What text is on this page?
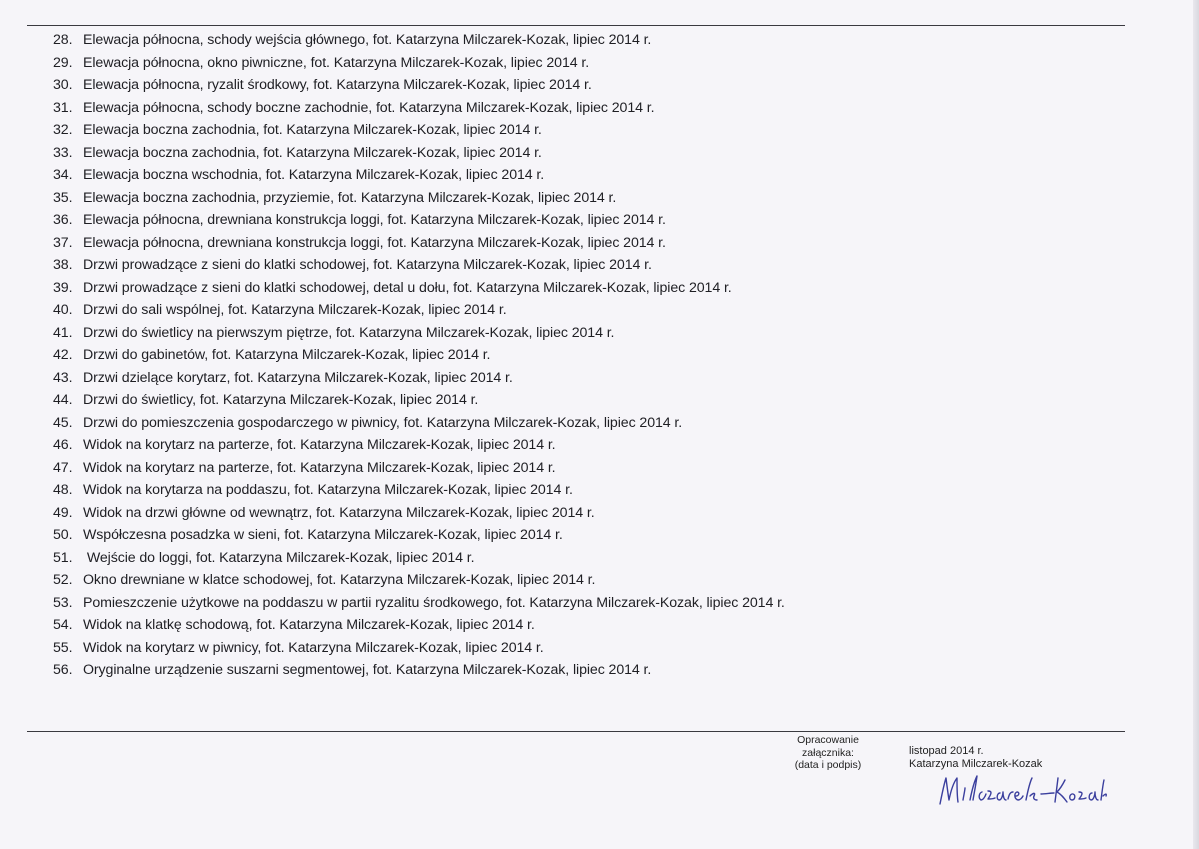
28. Elewacja północna, schody wejścia głównego, fot. Katarzyna Milczarek-Kozak, lipiec 2014 r.
29. Elewacja północna, okno piwniczne, fot. Katarzyna Milczarek-Kozak, lipiec 2014 r.
30. Elewacja północna, ryzalit środkowy, fot. Katarzyna Milczarek-Kozak, lipiec 2014 r.
31. Elewacja północna, schody boczne zachodnie, fot. Katarzyna Milczarek-Kozak, lipiec 2014 r.
32. Elewacja boczna zachodnia, fot. Katarzyna Milczarek-Kozak, lipiec 2014 r.
33. Elewacja boczna zachodnia, fot. Katarzyna Milczarek-Kozak, lipiec 2014 r.
34. Elewacja boczna wschodnia, fot. Katarzyna Milczarek-Kozak, lipiec 2014 r.
35. Elewacja boczna zachodnia, przyziemie, fot. Katarzyna Milczarek-Kozak, lipiec 2014 r.
36. Elewacja północna, drewniana konstrukcja loggi, fot. Katarzyna Milczarek-Kozak, lipiec 2014 r.
37. Elewacja północna, drewniana konstrukcja loggi, fot. Katarzyna Milczarek-Kozak, lipiec 2014 r.
38. Drzwi prowadzące z sieni do klatki schodowej, fot. Katarzyna Milczarek-Kozak, lipiec 2014 r.
39. Drzwi prowadzące z sieni do klatki schodowej, detal u dołu, fot. Katarzyna Milczarek-Kozak, lipiec 2014 r.
40. Drzwi do sali wspólnej, fot. Katarzyna Milczarek-Kozak, lipiec 2014 r.
41. Drzwi do świetlicy na pierwszym piętrze, fot. Katarzyna Milczarek-Kozak, lipiec 2014 r.
42. Drzwi do gabinetów, fot. Katarzyna Milczarek-Kozak, lipiec 2014 r.
43. Drzwi dzielące korytarz, fot. Katarzyna Milczarek-Kozak, lipiec 2014 r.
44. Drzwi do świetlicy, fot. Katarzyna Milczarek-Kozak, lipiec 2014 r.
45. Drzwi do pomieszczenia gospodarczego w piwnicy, fot. Katarzyna Milczarek-Kozak, lipiec 2014 r.
46. Widok na korytarz na parterze, fot. Katarzyna Milczarek-Kozak, lipiec 2014 r.
47. Widok na korytarz na parterze, fot. Katarzyna Milczarek-Kozak, lipiec 2014 r.
48. Widok na korytarza na poddaszu, fot. Katarzyna Milczarek-Kozak, lipiec 2014 r.
49. Widok na drzwi główne od wewnątrz, fot. Katarzyna Milczarek-Kozak, lipiec 2014 r.
50. Współczesna posadzka w sieni, fot. Katarzyna Milczarek-Kozak, lipiec 2014 r.
51. Wejście do loggi, fot. Katarzyna Milczarek-Kozak, lipiec 2014 r.
52. Okno drewniane w klatce schodowej, fot. Katarzyna Milczarek-Kozak, lipiec 2014 r.
53. Pomieszczenie użytkowe na poddaszu w partii ryzalitu środkowego, fot. Katarzyna Milczarek-Kozak, lipiec 2014 r.
54. Widok na klatkę schodową, fot. Katarzyna Milczarek-Kozak, lipiec 2014 r.
55. Widok na korytarz w piwnicy, fot. Katarzyna Milczarek-Kozak, lipiec 2014 r.
56. Oryginalne urządzenie suszarni segmentowej, fot. Katarzyna Milczarek-Kozak, lipiec 2014 r.
Opracowanie
załącznika:
(data i podpis)
listopad 2014 r.
Katarzyna Milczarek-Kozak
Milczarek-Kozak
